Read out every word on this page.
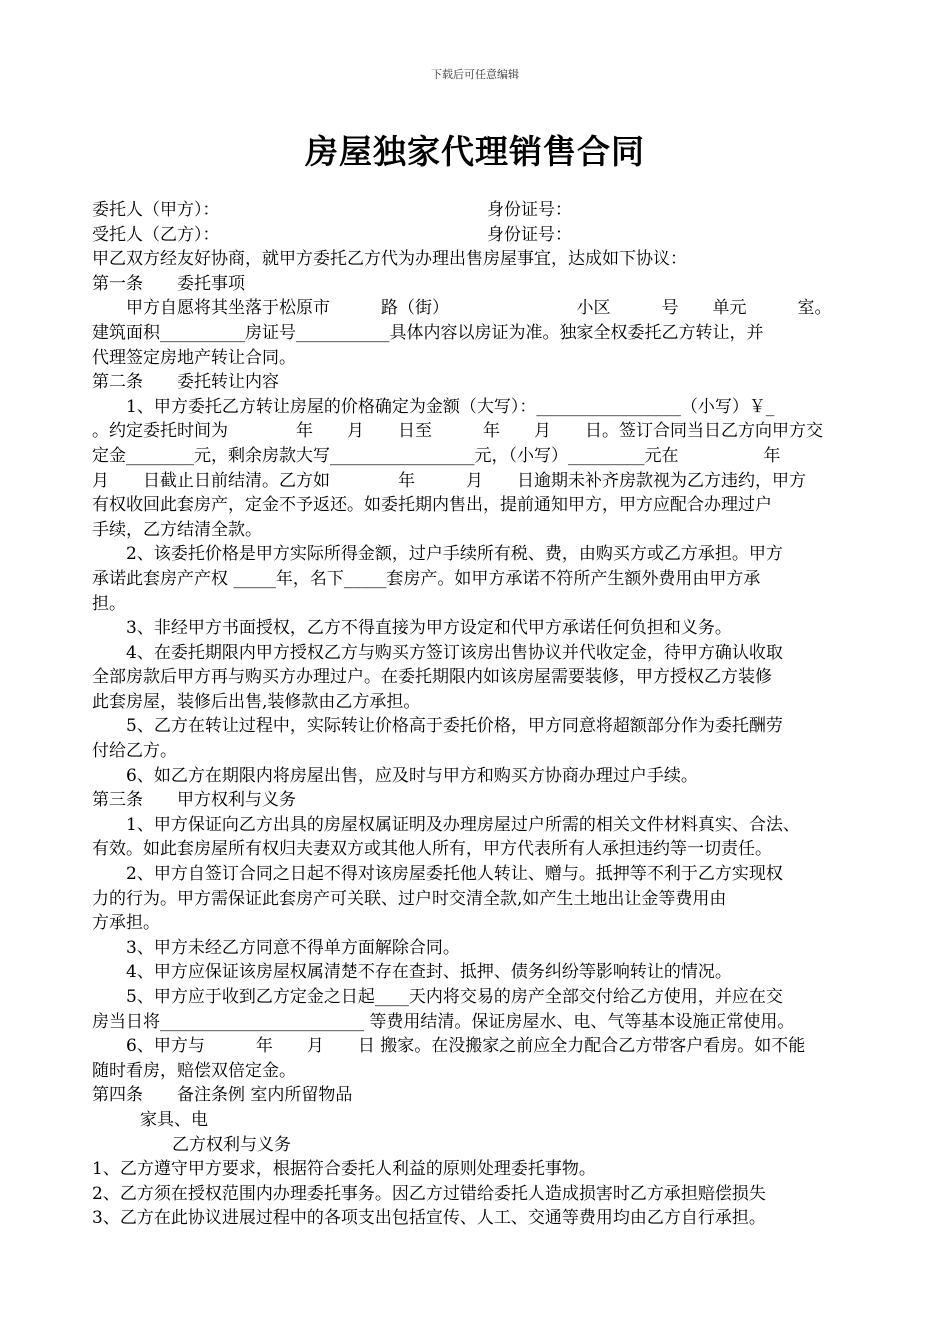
下载后可任意编辑
房屋独家代理销售合同
委托人（甲方）：	身份证号：
受托人（乙方）：	身份证号：
甲乙双方经友好协商，就甲方委托乙方代为办理出售房屋事宜，达成如下协议：
第一条　　委托事项
甲方自愿将其坐落于松原市　　　路（街）　　　　　　　　小区　　　号　　单元　　　室。
建筑面积__________房证号___________具体内容以房证为准。独家全权委托乙方转让，并
代理签定房地产转让合同。
第二条　　委托转让内容
1、甲方委托乙方转让房屋的价格确定为金额（大写）：_________________（小写）￥_
。约定委托时间为　　　　年　　月　　日至　　　年　　月　　日。签订合同当日乙方向甲方交
定金________元，剩余房款大写_________________元，（小写）_________元在　　　　　年
月　　日截止日前结清。乙方如　　　　年　　　月　　日逾期未补齐房款视为乙方违约，甲方
有权收回此套房产，定金不予返还。如委托期内售出，提前通知甲方，甲方应配合办理过户
手续，乙方结清全款。
2、该委托价格是甲方实际所得金额，过户手续所有税、费，由购买方或乙方承担。甲方
承诺此套房产产权 _____年，名下_____套房产。如甲方承诺不符所产生额外费用由甲方承
担。
3、非经甲方书面授权，乙方不得直接为甲方设定和代甲方承诺任何负担和义务。
4、在委托期限内甲方授权乙方与购买方签订该房出售协议并代收定金，待甲方确认收取
全部房款后甲方再与购买方办理过户。在委托期限内如该房屋需要装修，甲方授权乙方装修
此套房屋，装修后出售,装修款由乙方承担。
5、乙方在转让过程中，实际转让价格高于委托价格，甲方同意将超额部分作为委托酬劳
付给乙方。
6、如乙方在期限内将房屋出售，应及时与甲方和购买方协商办理过户手续。
第三条　　甲方权利与义务
1、甲方保证向乙方出具的房屋权属证明及办理房屋过户所需的相关文件材料真实、合法、
有效。如此套房屋所有权归夫妻双方或其他人所有，甲方代表所有人承担违约等一切责任。
2、甲方自签订合同之日起不得对该房屋委托他人转让、赠与。抵押等不利于乙方实现权
力的行为。甲方需保证此套房产可关联、过户时交清全款,如产生土地出让金等费用由
方承担。
3、甲方未经乙方同意不得单方面解除合同。
4、甲方应保证该房屋权属清楚不存在查封、抵押、债务纠纷等影响转让的情况。
5、甲方应于收到乙方定金之日起____天内将交易的房产全部交付给乙方使用，并应在交
房当日将________________________ 等费用结清。保证房屋水、电、气等基本设施正常使用。
6、甲方与　　　年　　月　　日 搬家。在没搬家之前应全力配合乙方带客户看房。如不能
随时看房，赔偿双倍定金。
第四条　　备注条例 室内所留物品
家具、电
乙方权利与义务
1、乙方遵守甲方要求，根据符合委托人利益的原则处理委托事物。
2、乙方须在授权范围内办理委托事务。因乙方过错给委托人造成损害时乙方承担赔偿损失
3、乙方在此协议进展过程中的各项支出包括宣传、人工、交通等费用均由乙方自行承担。
